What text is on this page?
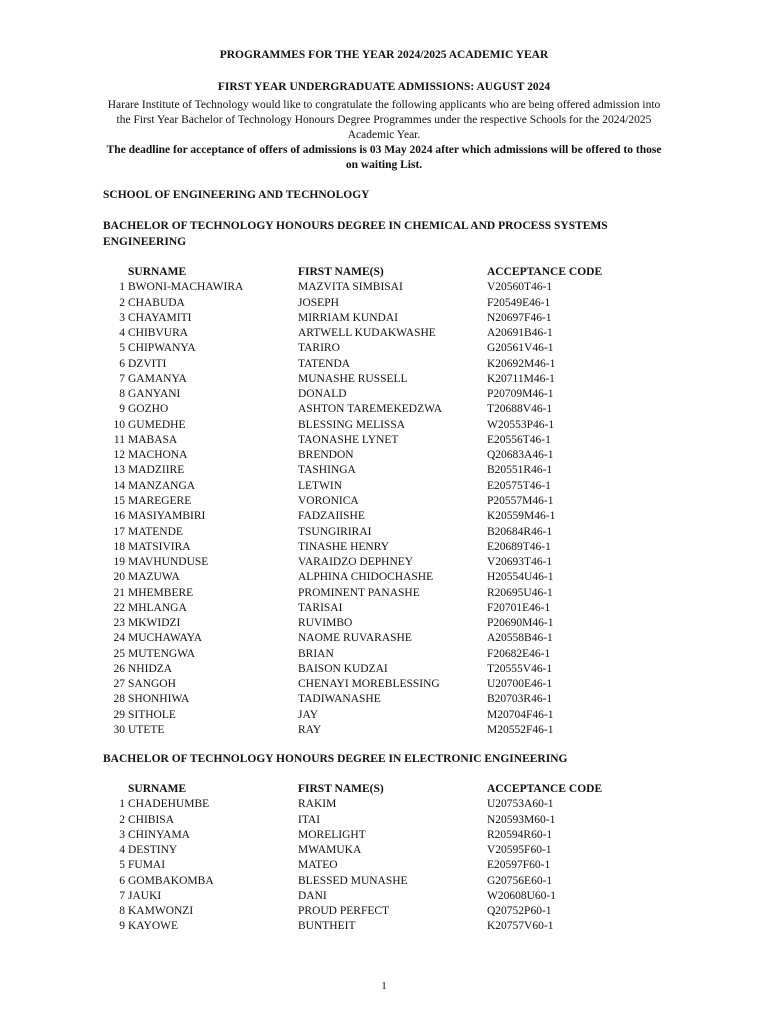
PROGRAMMES FOR THE YEAR 2024/2025 ACADEMIC YEAR
FIRST YEAR UNDERGRADUATE ADMISSIONS: AUGUST 2024
Harare Institute of Technology would like to congratulate the following applicants who are being offered admission into the First Year Bachelor of Technology Honours Degree Programmes under the respective Schools for the 2024/2025 Academic Year.
The deadline for acceptance of offers of admissions is 03 May 2024 after which admissions will be offered to those on waiting List.
SCHOOL OF ENGINEERING AND TECHNOLOGY
BACHELOR OF TECHNOLOGY HONOURS DEGREE IN CHEMICAL AND PROCESS SYSTEMS ENGINEERING
SURNAME	FIRST NAME(S)	ACCEPTANCE CODE
1 BWONI-MACHAWIRA	MAZVITA SIMBISAI	V20560T46-1
2 CHABUDA	JOSEPH	F20549E46-1
3 CHAYAMITI	MIRRIAM KUNDAI	N20697F46-1
4 CHIBVURA	ARTWELL KUDAKWASHE	A20691B46-1
5 CHIPWANYA	TARIRO	G20561V46-1
6 DZVITI	TATENDA	K20692M46-1
7 GAMANYA	MUNASHE RUSSELL	K20711M46-1
8 GANYANI	DONALD	P20709M46-1
9 GOZHO	ASHTON TAREMEKEDZWA	T20688V46-1
10 GUMEDHE	BLESSING MELISSA	W20553P46-1
11 MABASA	TAONASHE LYNET	E20556T46-1
12 MACHONA	BRENDON	Q20683A46-1
13 MADZIIRE	TASHINGA	B20551R46-1
14 MANZANGA	LETWIN	E20575T46-1
15 MAREGERE	VORONICA	P20557M46-1
16 MASIYAMBIRI	FADZAIISHE	K20559M46-1
17 MATENDE	TSUNGIRIRAI	B20684R46-1
18 MATSIVIRA	TINASHE HENRY	E20689T46-1
19 MAVHUNDUSE	VARAIDZO DEPHNEY	V20693T46-1
20 MAZUWA	ALPHINA CHIDOCHASHE	H20554U46-1
21 MHEMBERE	PROMINENT PANASHE	R20695U46-1
22 MHLANGA	TARISAI	F20701E46-1
23 MKWIDZI	RUVIMBO	P20690M46-1
24 MUCHAWAYA	NAOME RUVARASHE	A20558B46-1
25 MUTENGWA	BRIAN	F20682E46-1
26 NHIDZA	BAISON KUDZAI	T20555V46-1
27 SANGOH	CHENAYI MOREBLESSING	U20700E46-1
28 SHONHIWA	TADIWANASHE	B20703R46-1
29 SITHOLE	JAY	M20704F46-1
30 UTETE	RAY	M20552F46-1
BACHELOR OF TECHNOLOGY HONOURS DEGREE IN ELECTRONIC ENGINEERING
SURNAME	FIRST NAME(S)	ACCEPTANCE CODE
1 CHADEHUMBE	RAKIM	U20753A60-1
2 CHIBISA	ITAI	N20593M60-1
3 CHINYAMA	MORELIGHT	R20594R60-1
4 DESTINY	MWAMUKA	V20595F60-1
5 FUMAI	MATEO	E20597F60-1
6 GOMBAKOMBA	BLESSED MUNASHE	G20756E60-1
7 JAUKI	DANI	W20608U60-1
8 KAMWONZI	PROUD PERFECT	Q20752P60-1
9 KAYOWE	BUNTHEIT	K20757V60-1
1
